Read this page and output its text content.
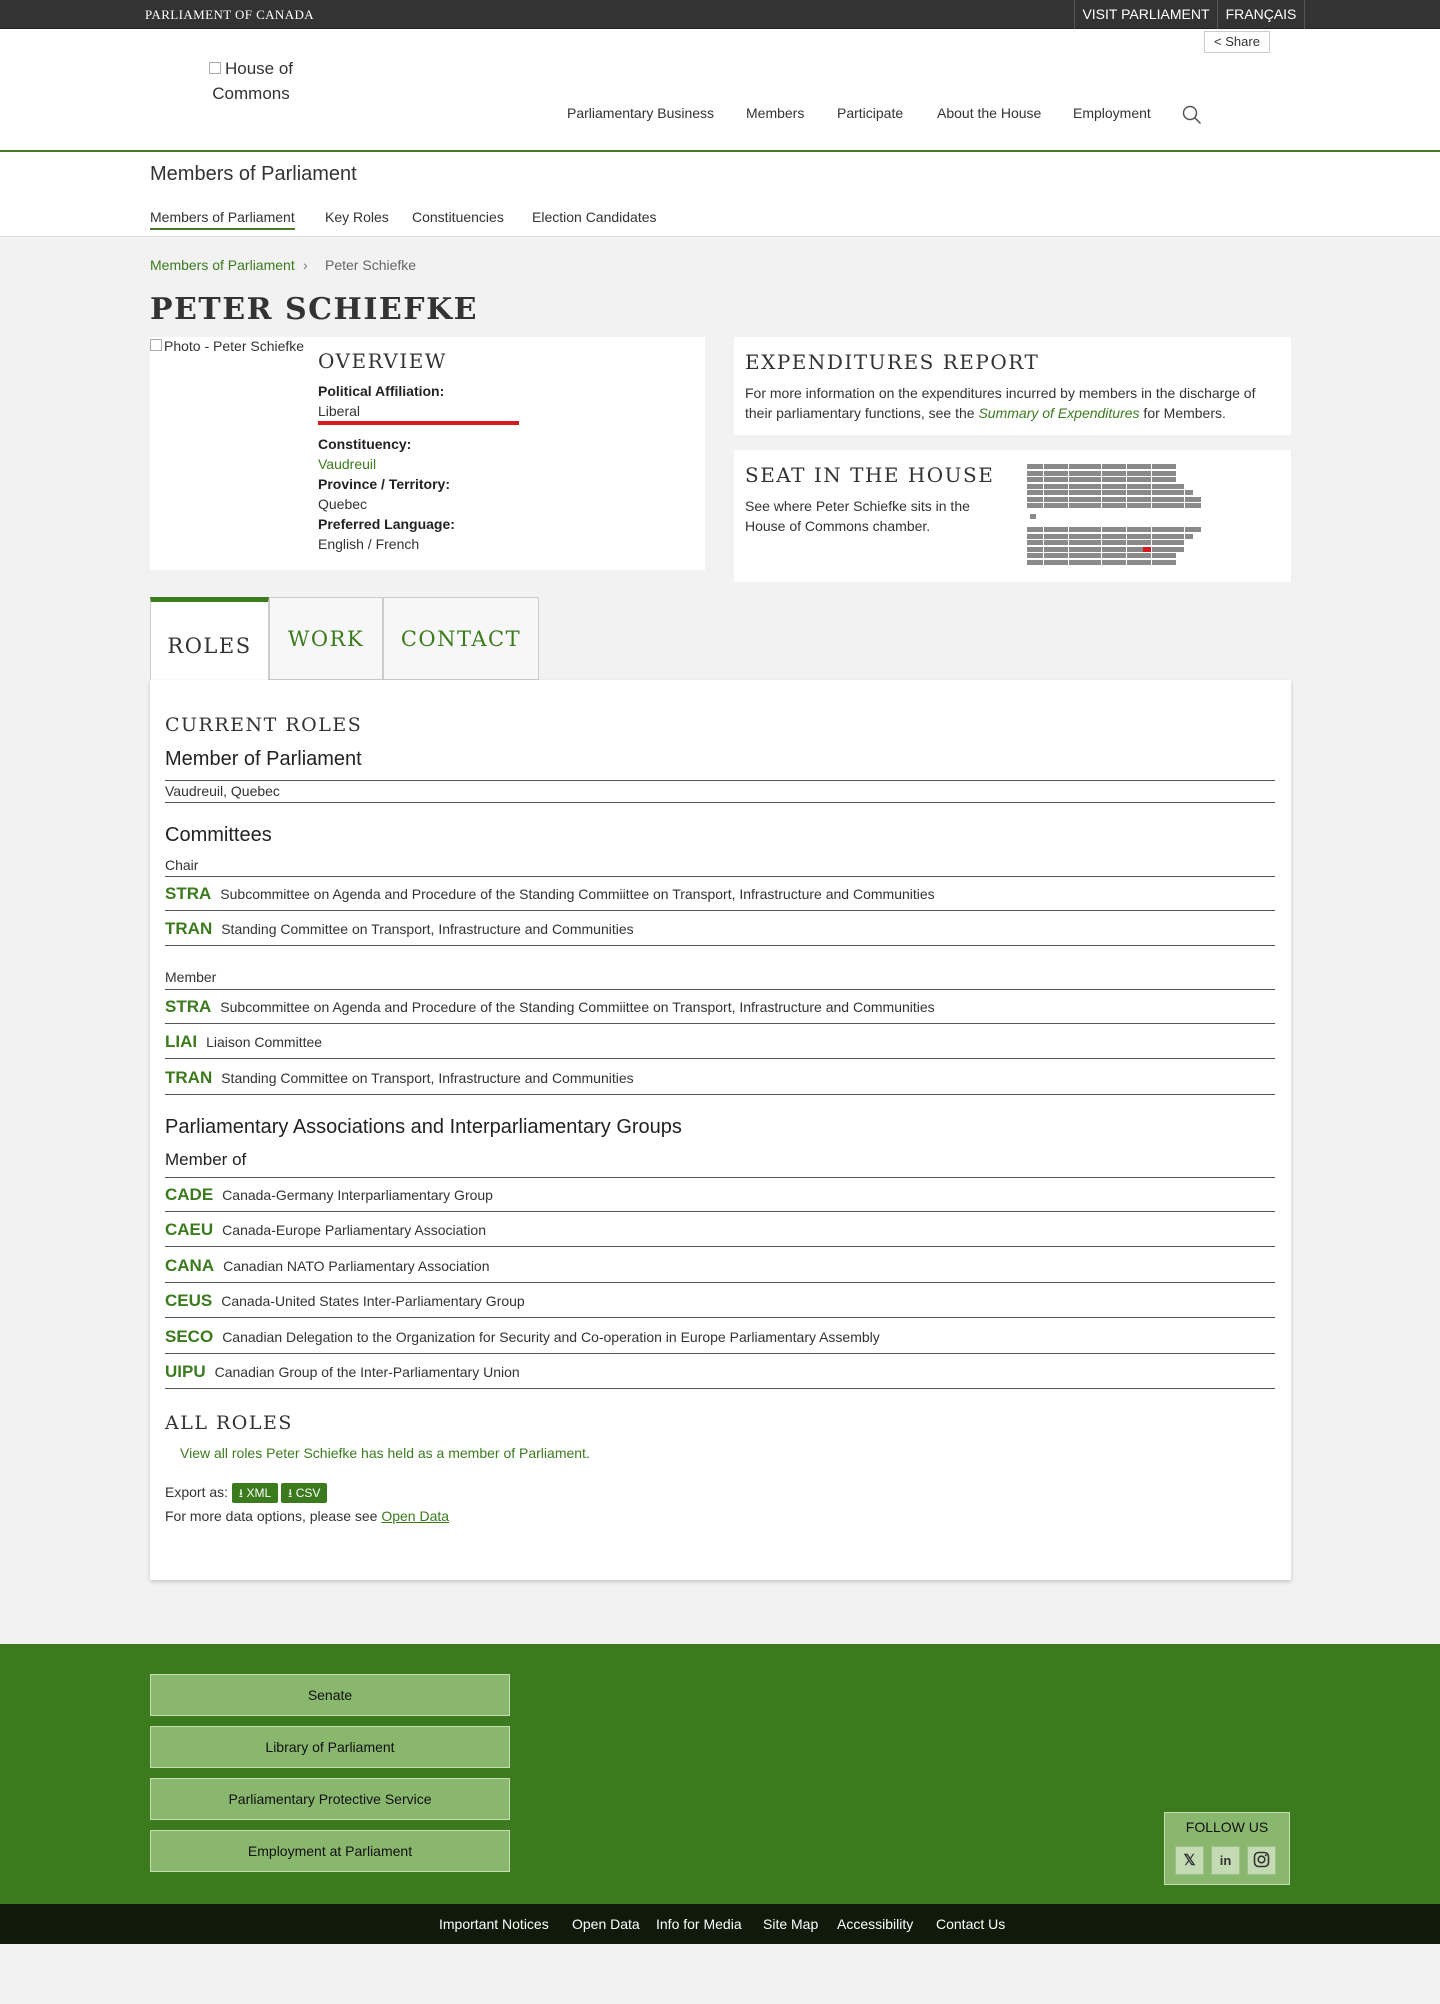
PARLIAMENT OF CANADA	VISIT PARLIAMENT	FRANÇAIS
< Share
House of Commons
Parliamentary Business Members Participate About the House Employment
Members of Parliament
Members of Parliament Key Roles Constituencies Election Candidates
Members of Parliament › Peter Schiefke
PETER SCHIEFKE
Photo - Peter Schiefke
OVERVIEW
Political Affiliation:
Liberal
Constituency:
Vaudreuil
Province / Territory:
Quebec
Preferred Language:
English / French
EXPENDITURES REPORT
For more information on the expenditures incurred by members in the discharge of their parliamentary functions, see the Summary of Expenditures for Members.
SEAT IN THE HOUSE
See where Peter Schiefke sits in the House of Commons chamber.
ROLES	WORK	CONTACT
CURRENT ROLES
Member of Parliament
Vaudreuil, Quebec
Committees
Chair
STRA Subcommittee on Agenda and Procedure of the Standing Commiittee on Transport, Infrastructure and Communities
TRAN Standing Committee on Transport, Infrastructure and Communities
Member
STRA Subcommittee on Agenda and Procedure of the Standing Commiittee on Transport, Infrastructure and Communities
LIAI Liaison Committee
TRAN Standing Committee on Transport, Infrastructure and Communities
Parliamentary Associations and Interparliamentary Groups
Member of
CADE Canada-Germany Interparliamentary Group
CAEU Canada-Europe Parliamentary Association
CANA Canadian NATO Parliamentary Association
CEUS Canada-United States Inter-Parliamentary Group
SECO Canadian Delegation to the Organization for Security and Co-operation in Europe Parliamentary Assembly
UIPU Canadian Group of the Inter-Parliamentary Union
ALL ROLES
View all roles Peter Schiefke has held as a member of Parliament.
Export as: ⭳ XML ⭳ CSV
For more data options, please see Open Data
Senate
Library of Parliament
Parliamentary Protective Service
Employment at Parliament
FOLLOW US
𝕏	in
Important Notices Open Data Info for Media Site Map Accessibility Contact Us
